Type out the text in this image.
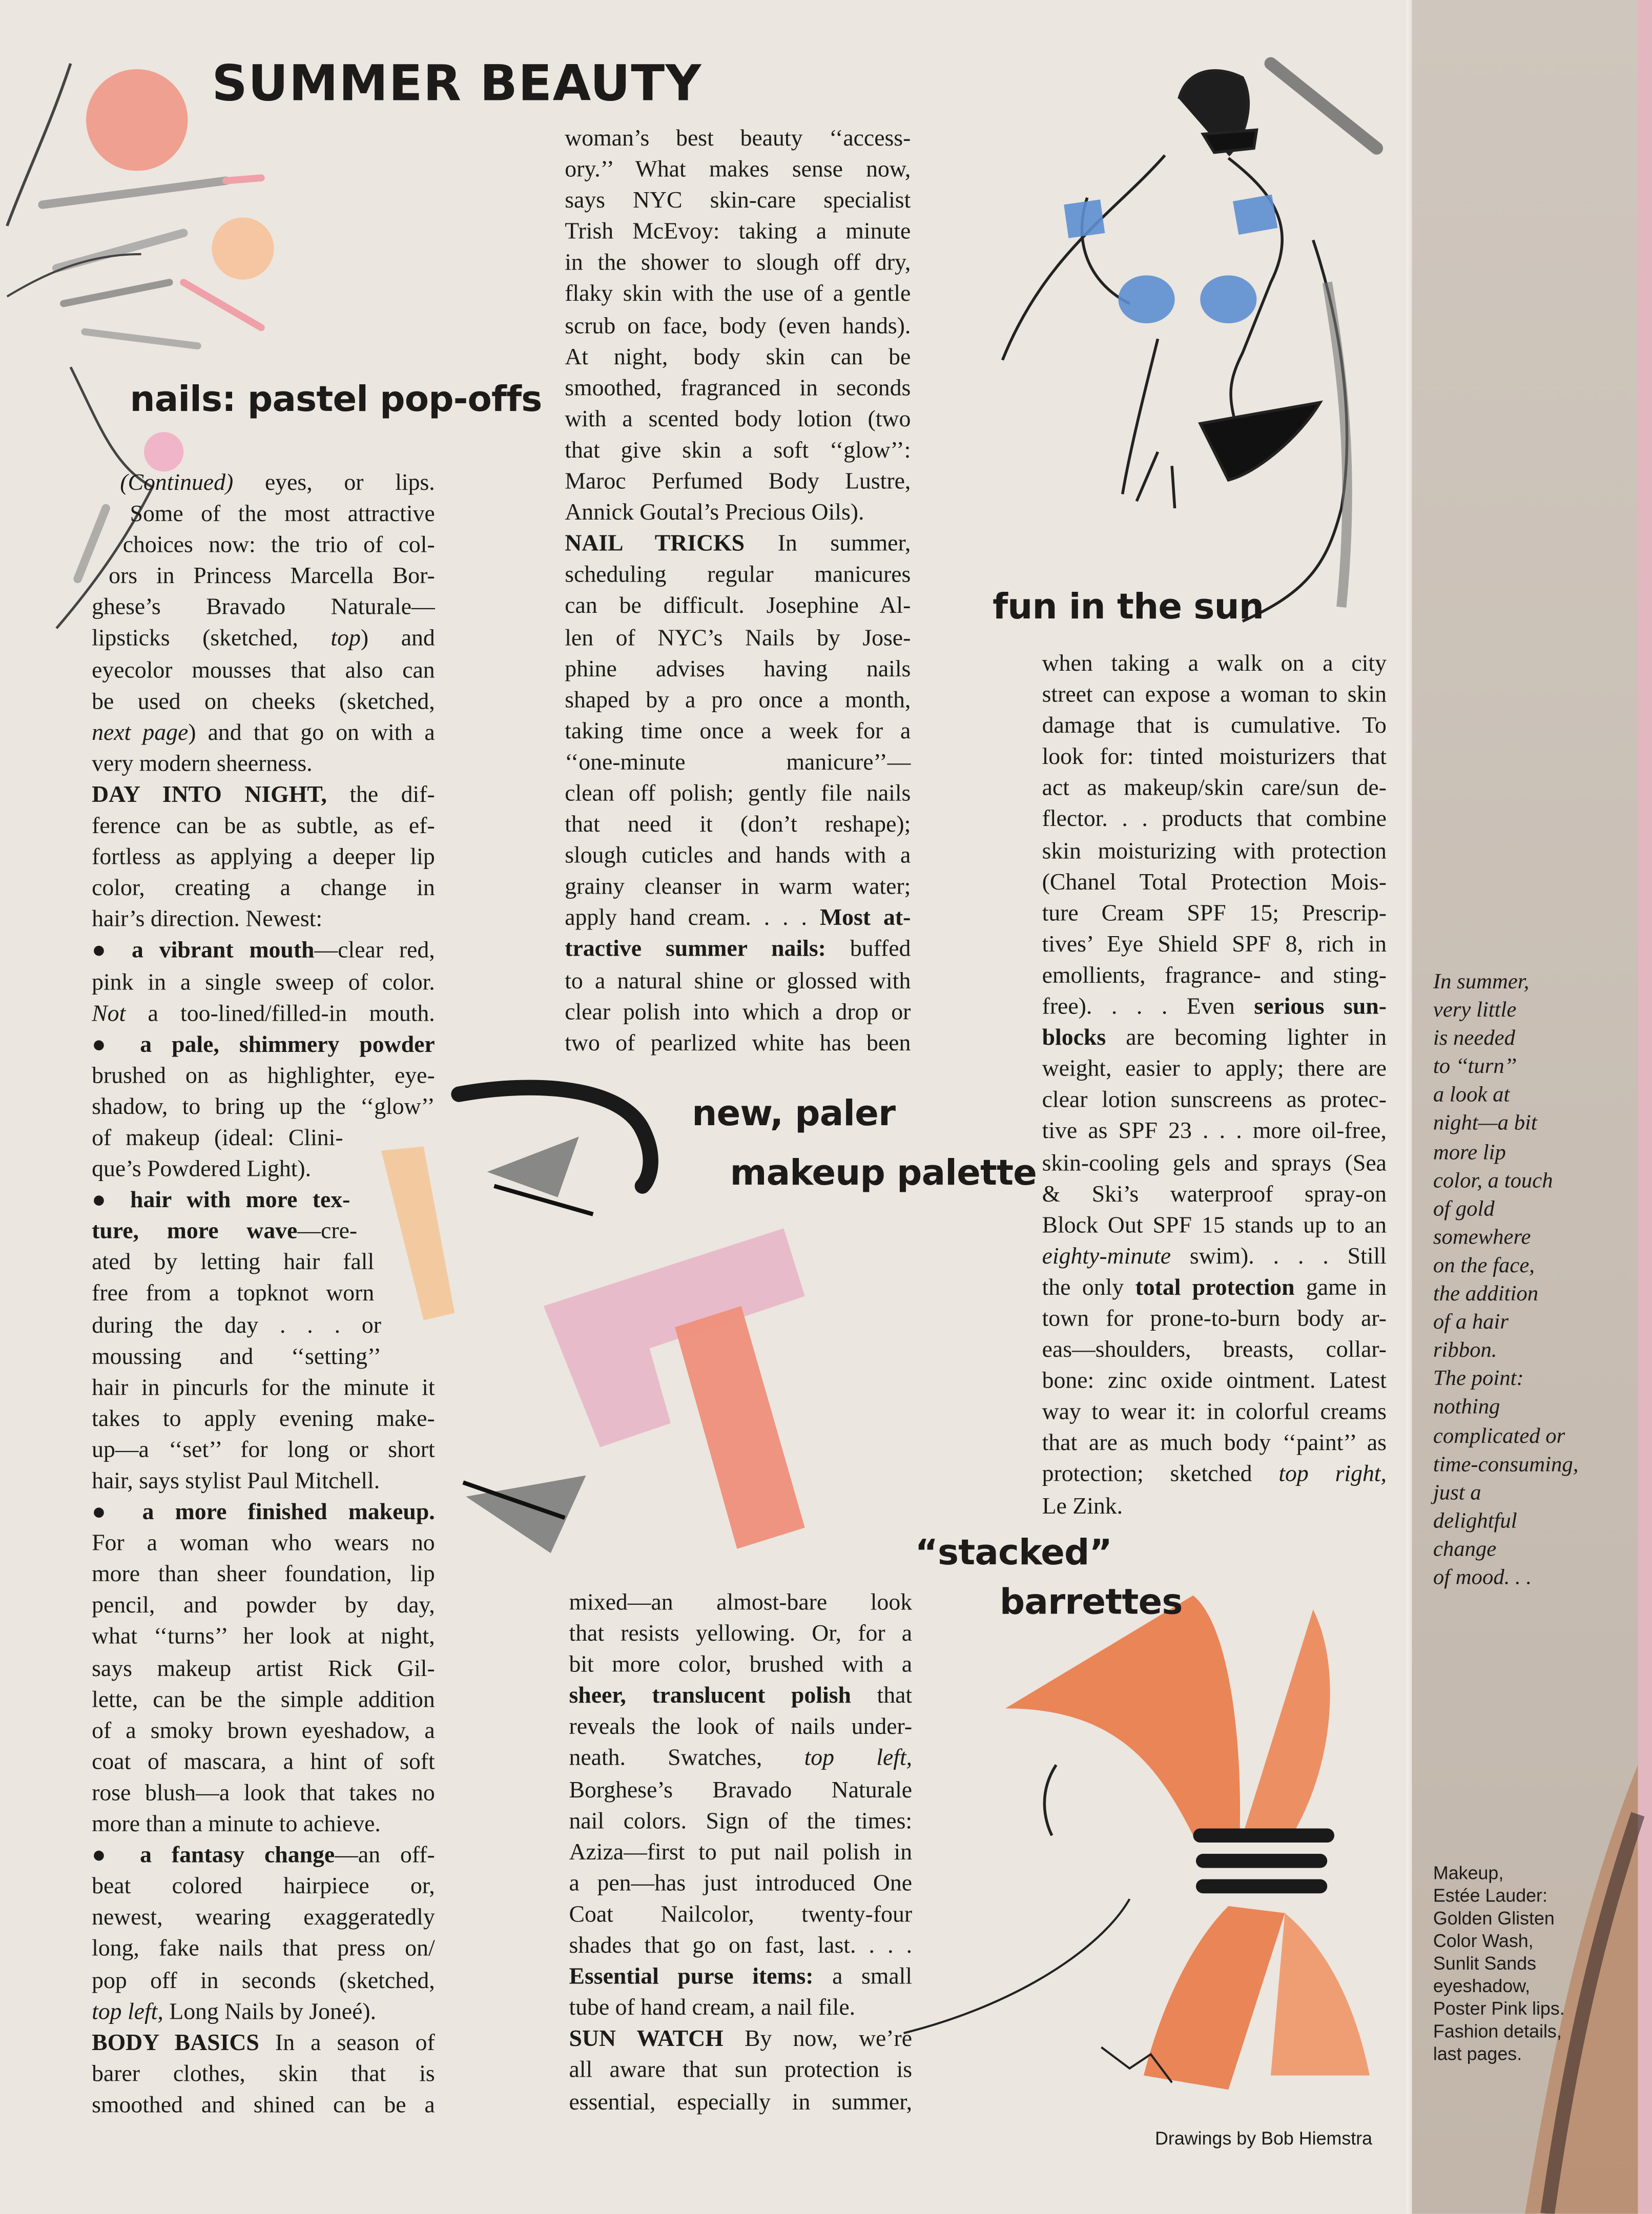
SUMMER BEAUTY
nails: pastel pop-offs
fun in the sun
new, paler
makeup palette
“stacked”
barrettes
(Continued) eyes, or lips.
Some of the most attractive
choices now: the trio of col-
ors in Princess Marcella Bor-
ghese’s Bravado Naturale—
lipsticks (sketched, top) and
eyecolor mousses that also can
be used on cheeks (sketched,
next page) and that go on with a
very modern sheerness.
DAY INTO NIGHT, the dif-
ference can be as subtle, as ef-
fortless as applying a deeper lip
color, creating a change in
hair’s direction. Newest:
● a vibrant mouth—clear red,
pink in a single sweep of color.
Not a too-lined/filled-in mouth.
● a pale, shimmery powder
brushed on as highlighter, eye-
shadow, to bring up the ‘‘glow’’
of makeup (ideal: Clini-
que’s Powdered Light).
● hair with more tex-
ture, more wave—cre-
ated by letting hair fall
free from a topknot worn
during the day . . . or
moussing and ‘‘setting’’
hair in pincurls for the minute it
takes to apply evening make-
up—a ‘‘set’’ for long or short
hair, says stylist Paul Mitchell.
● a more finished makeup.
For a woman who wears no
more than sheer foundation, lip
pencil, and powder by day,
what ‘‘turns’’ her look at night,
says makeup artist Rick Gil-
lette, can be the simple addition
of a smoky brown eyeshadow, a
coat of mascara, a hint of soft
rose blush—a look that takes no
more than a minute to achieve.
● a fantasy change—an off-
beat colored hairpiece or,
newest, wearing exaggeratedly
long, fake nails that press on/
pop off in seconds (sketched,
top left, Long Nails by Joneé).
BODY BASICS In a season of
barer clothes, skin that is
smoothed and shined can be a
woman’s best beauty ‘‘access-
ory.’’ What makes sense now,
says NYC skin-care specialist
Trish McEvoy: taking a minute
in the shower to slough off dry,
flaky skin with the use of a gentle
scrub on face, body (even hands).
At night, body skin can be
smoothed, fragranced in seconds
with a scented body lotion (two
that give skin a soft ‘‘glow’’:
Maroc Perfumed Body Lustre,
Annick Goutal’s Precious Oils).
NAIL TRICKS In summer,
scheduling regular manicures
can be difficult. Josephine Al-
len of NYC’s Nails by Jose-
phine advises having nails
shaped by a pro once a month,
taking time once a week for a
‘‘one-minute manicure’’—
clean off polish; gently file nails
that need it (don’t reshape);
slough cuticles and hands with a
grainy cleanser in warm water;
apply hand cream. . . . Most at-
tractive summer nails: buffed
to a natural shine or glossed with
clear polish into which a drop or
two of pearlized white has been
mixed—an almost-bare look
that resists yellowing. Or, for a
bit more color, brushed with a
sheer, translucent polish that
reveals the look of nails under-
neath. Swatches, top left,
Borghese’s Bravado Naturale
nail colors. Sign of the times:
Aziza—first to put nail polish in
a pen—has just introduced One
Coat Nailcolor, twenty-four
shades that go on fast, last. . . .
Essential purse items: a small
tube of hand cream, a nail file.
SUN WATCH By now, we’re
all aware that sun protection is
essential, especially in summer,
when taking a walk on a city
street can expose a woman to skin
damage that is cumulative. To
look for: tinted moisturizers that
act as makeup/skin care/sun de-
flector. . . products that combine
skin moisturizing with protection
(Chanel Total Protection Mois-
ture Cream SPF 15; Prescrip-
tives’ Eye Shield SPF 8, rich in
emollients, fragrance- and sting-
free). . . . Even serious sun-
blocks are becoming lighter in
weight, easier to apply; there are
clear lotion sunscreens as protec-
tive as SPF 23 . . . more oil-free,
skin-cooling gels and sprays (Sea
& Ski’s waterproof spray-on
Block Out SPF 15 stands up to an
eighty-minute swim). . . . Still
the only total protection game in
town for prone-to-burn body ar-
eas—shoulders, breasts, collar-
bone: zinc oxide ointment. Latest
way to wear it: in colorful creams
that are as much body ‘‘paint’’ as
protection; sketched top right,
Le Zink.
In summer,
very little
is needed
to ‘‘turn’’
a look at
night—a bit
more lip
color, a touch
of gold
somewhere
on the face,
the addition
of a hair
ribbon.
The point:
nothing
complicated or
time-consuming,
just a
delightful
change
of mood. . .
Makeup,
Estée Lauder:
Golden Glisten
Color Wash,
Sunlit Sands
eyeshadow,
Poster Pink lips.
Fashion details,
last pages.
Drawings by Bob Hiemstra
